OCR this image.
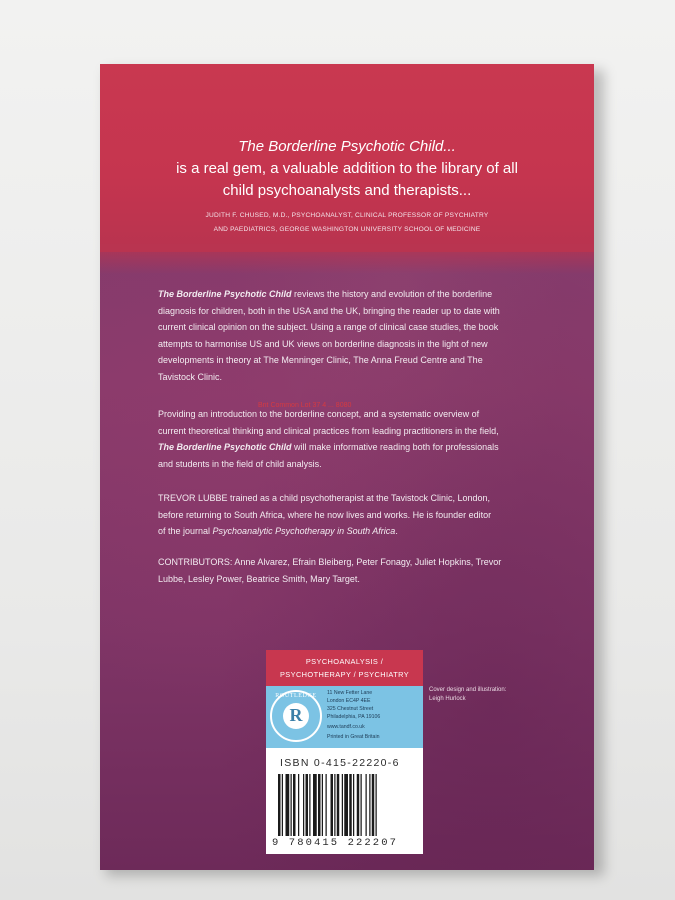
The Borderline Psychotic Child...
is a real gem, a valuable addition to the library of all
child psychoanalysts and therapists...
JUDITH F. CHUSED, M.D., PSYCHOANALYST, CLINICAL PROFESSOR OF PSYCHIATRY
AND PAEDIATRICS, GEORGE WASHINGTON UNIVERSITY SCHOOL OF MEDICINE
The Borderline Psychotic Child reviews the history and evolution of the borderline
diagnosis for children, both in the USA and the UK, bringing the reader up to date with
current clinical opinion on the subject. Using a range of clinical case studies, the book
attempts to harmonise US and UK views on borderline diagnosis in the light of new
developments in theory at The Menninger Clinic, The Anna Freud Centre and The
Tavistock Clinic.
Providing an introduction to the borderline concept, and a systematic overview of
current theoretical thinking and clinical practices from leading practitioners in the field,
The Borderline Psychotic Child will make informative reading both for professionals
and students in the field of child analysis.
TREVOR LUBBE trained as a child psychotherapist at the Tavistock Clinic, London,
before returning to South Africa, where he now lives and works. He is founder editor
of the journal Psychoanalytic Psychotherapy in South Africa.
CONTRIBUTORS: Anne Alvarez, Efrain Bleiberg, Peter Fonagy, Juliet Hopkins, Trevor
Lubbe, Lesley Power, Beatrice Smith, Mary Target.
Brit Common Lot 37 4 ... 8080
PSYCHOANALYSIS /
PSYCHOTHERAPY / PSYCHIATRY
ROUTLEDGE
R
11 New Fetter Lane
London EC4P 4EE
325 Chestnut Street
Philadelphia, PA 19106
www.tandf.co.uk
Printed in Great Britain
ISBN 0-415-22220-6
9 780415 222207
Cover design and illustration:
Leigh Hurlock
